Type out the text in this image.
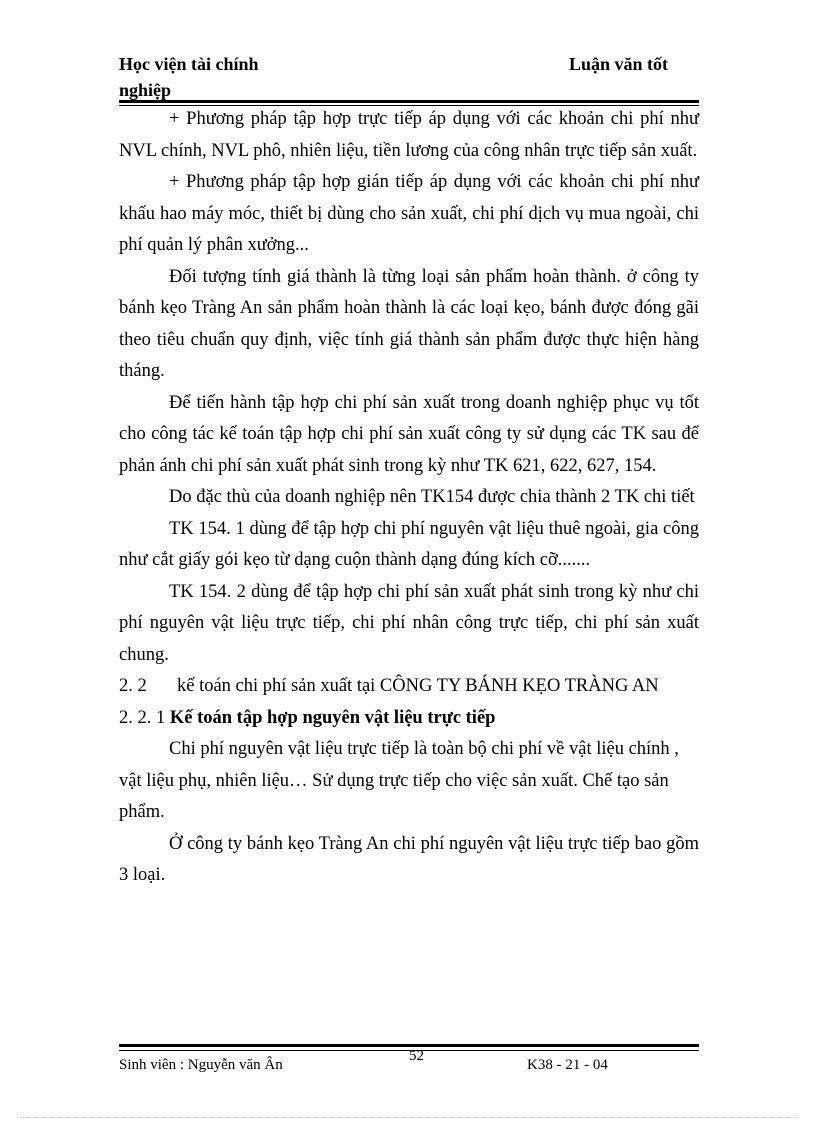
Học viện tài chính nghiệp
Luận văn tốt

+ Phương pháp tập hợp trực tiếp áp dụng với các khoản chi phí như NVL chính, NVL phô, nhiên liệu, tiền lương của công nhân trực tiếp sản xuất.

+ Phương pháp tập hợp gián tiếp áp dụng với các khoản chi phí như khấu hao máy móc, thiết bị dùng cho sản xuất, chi phí dịch vụ mua ngoài, chi phí quản lý phân xưởng...

Đối tượng tính giá thành là từng loại sản phẩm hoàn thành. ở công ty bánh kẹo Tràng An sản phẩm hoàn thành là các loại kẹo, bánh được đóng gãi theo tiêu chuẩn quy định, việc tính giá thành sản phẩm được thực hiện hàng tháng.

Để tiến hành tập hợp chi phí sản xuất trong doanh nghiệp phục vụ tốt cho công tác kế toán tập hợp chi phí sản xuất công ty sử dụng các TK sau để phản ánh chi phí sản xuất phát sinh trong kỳ như TK 621, 622, 627, 154.

Do đặc thù của doanh nghiệp nên TK154 được chia thành 2 TK chi tiết

TK 154. 1 dùng để tập hợp chi phí nguyên vật liệu thuê ngoài, gia công như cắt giấy gói kẹo từ dạng cuộn thành dạng đúng kích cỡ.......

TK 154. 2 dùng để tập hợp chi phí sản xuất phát sinh trong kỳ như chi phí nguyên vật liệu trực tiếp, chi phí nhân công trực tiếp, chi phí sản xuất chung.

2. 2 kế toán chi phí sản xuất tại CÔNG TY BÁNH KẸO TRÀNG AN

2. 2. 1 Kế toán tập hợp nguyên vật liệu trực tiếp

Chi phí nguyên vật liệu trực tiếp là toàn bộ chi phí về vật liệu chính , vật liệu phụ, nhiên liệu… Sử dụng trực tiếp cho việc sản xuất. Chế tạo sản phẩm.

Ở công ty bánh kẹo Tràng An chi phí nguyên vật liệu trực tiếp bao gồm 3 loại.

Sinh viên : Nguyễn văn Ân
52
K38 - 21 - 04
